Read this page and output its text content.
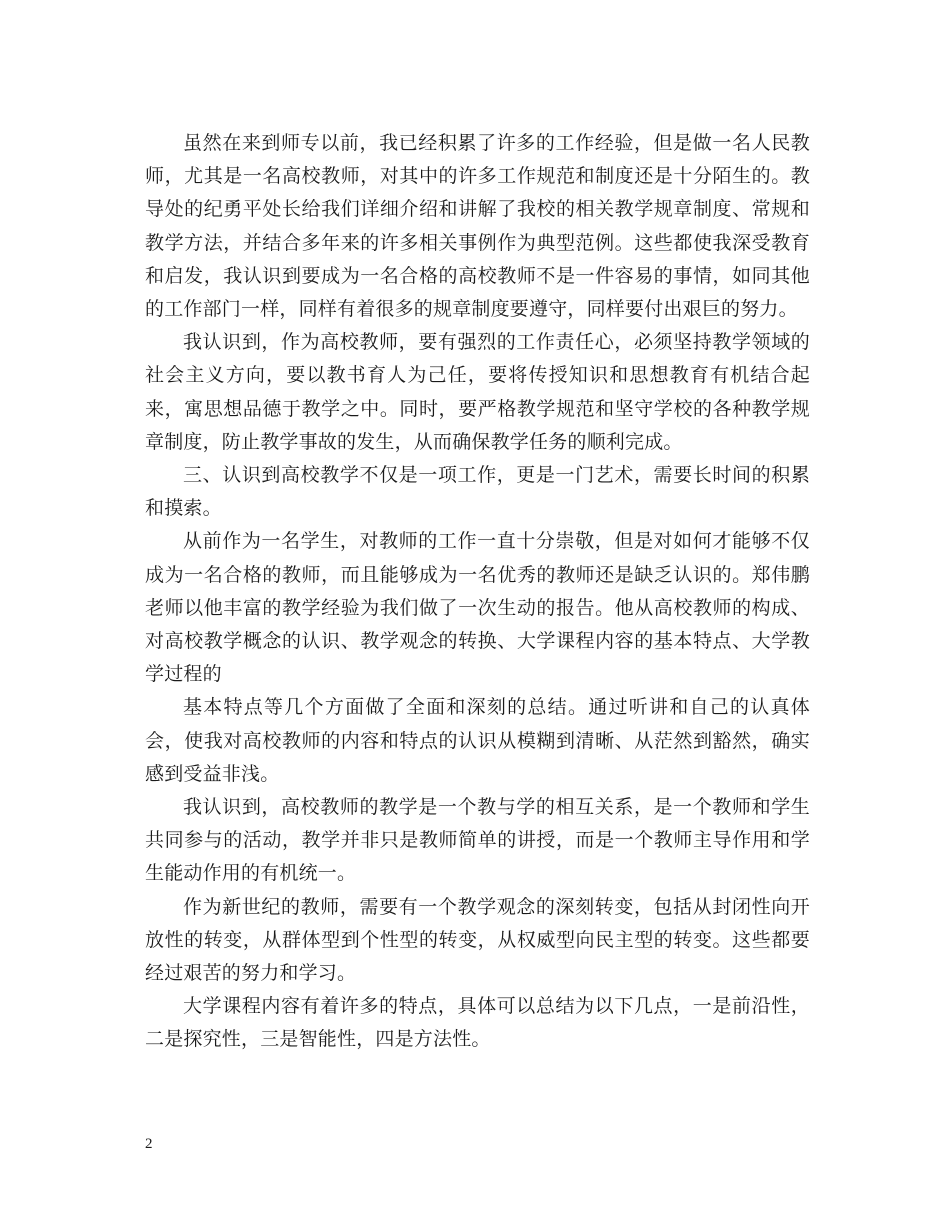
虽然在来到师专以前，我已经积累了许多的工作经验，但是做一名人民教师，尤其是一名高校教师，对其中的许多工作规范和制度还是十分陌生的。教导处的纪勇平处长给我们详细介绍和讲解了我校的相关教学规章制度、常规和教学方法，并结合多年来的许多相关事例作为典型范例。这些都使我深受教育和启发，我认识到要成为一名合格的高校教师不是一件容易的事情，如同其他的工作部门一样，同样有着很多的规章制度要遵守，同样要付出艰巨的努力。

我认识到，作为高校教师，要有强烈的工作责任心，必须坚持教学领域的社会主义方向，要以教书育人为己任，要将传授知识和思想教育有机结合起来，寓思想品德于教学之中。同时，要严格教学规范和坚守学校的各种教学规章制度，防止教学事故的发生，从而确保教学任务的顺利完成。

三、认识到高校教学不仅是一项工作，更是一门艺术，需要长时间的积累和摸索。

从前作为一名学生，对教师的工作一直十分崇敬，但是对如何才能够不仅成为一名合格的教师，而且能够成为一名优秀的教师还是缺乏认识的。郑伟鹏老师以他丰富的教学经验为我们做了一次生动的报告。他从高校教师的构成、对高校教学概念的认识、教学观念的转换、大学课程内容的基本特点、大学教学过程的

基本特点等几个方面做了全面和深刻的总结。通过听讲和自己的认真体会，使我对高校教师的内容和特点的认识从模糊到清晰、从茫然到豁然，确实感到受益非浅。

我认识到，高校教师的教学是一个教与学的相互关系，是一个教师和学生共同参与的活动，教学并非只是教师简单的讲授，而是一个教师主导作用和学生能动作用的有机统一。

作为新世纪的教师，需要有一个教学观念的深刻转变，包括从封闭性向开放性的转变，从群体型到个性型的转变，从权威型向民主型的转变。这些都要经过艰苦的努力和学习。

大学课程内容有着许多的特点，具体可以总结为以下几点，一是前沿性，二是探究性，三是智能性，四是方法性。

2
